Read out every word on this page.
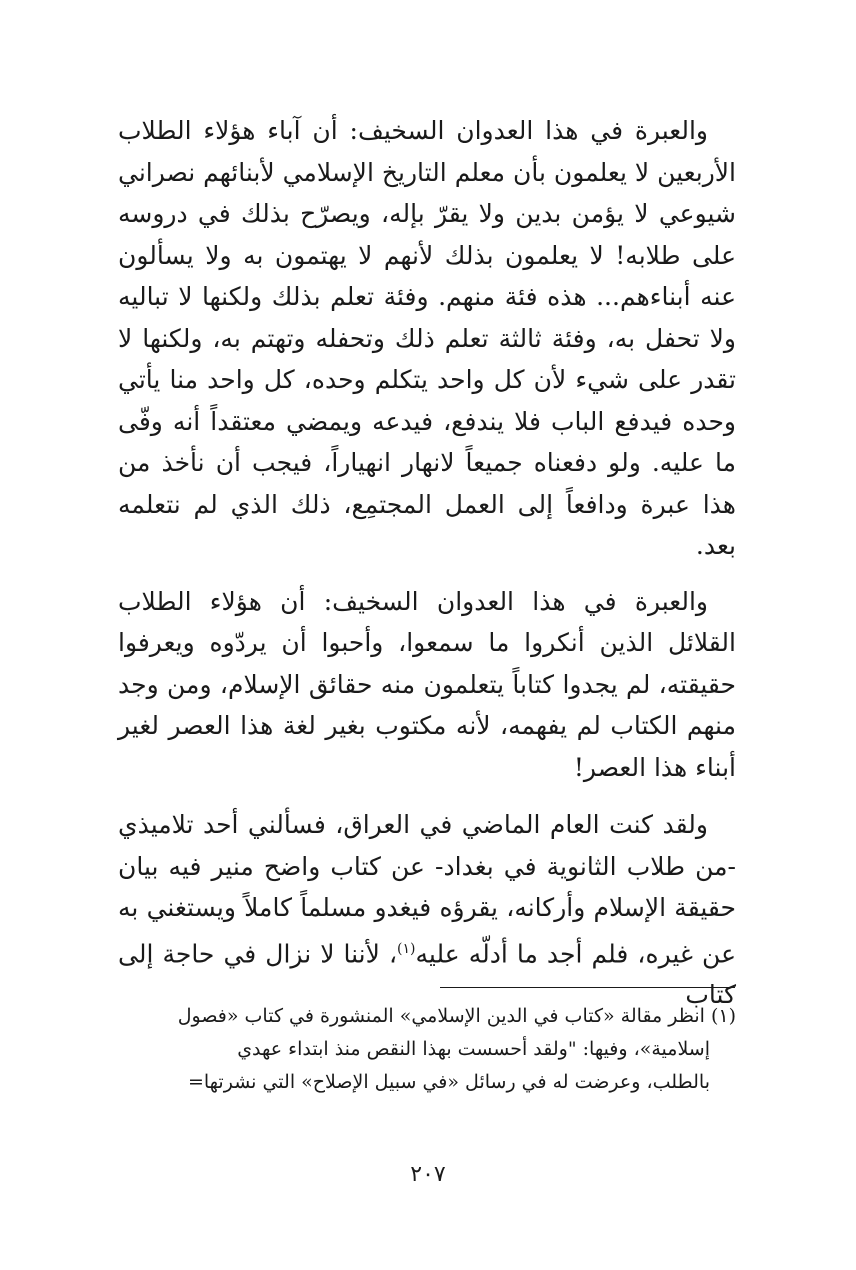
والعبرة في هذا العدوان السخيف: أن آباء هؤلاء الطلاب الأربعين لا يعلمون بأن معلم التاريخ الإسلامي لأبنائهم نصراني شيوعي لا يؤمن بدين ولا يقرّ بإله، ويصرّح بذلك في دروسه على طلابه! لا يعلمون بذلك لأنهم لا يهتمون به ولا يسألون عنه أبناءهم... هذه فئة منهم. وفئة تعلم بذلك ولكنها لا تباليه ولا تحفل به، وفئة ثالثة تعلم ذلك وتحفله وتهتم به، ولكنها لا تقدر على شيء لأن كل واحد يتكلم وحده، كل واحد منا يأتي وحده فيدفع الباب فلا يندفع، فيدعه ويمضي معتقداً أنه وفّى ما عليه. ولو دفعناه جميعاً لانهار انهياراً، فيجب أن نأخذ من هذا عبرة ودافعاً إلى العمل المجتمِع، ذلك الذي لم نتعلمه بعد.

والعبرة في هذا العدوان السخيف: أن هؤلاء الطلاب القلائل الذين أنكروا ما سمعوا، وأحبوا أن يردّوه ويعرفوا حقيقته، لم يجدوا كتاباً يتعلمون منه حقائق الإسلام، ومن وجد منهم الكتاب لم يفهمه، لأنه مكتوب بغير لغة هذا العصر لغير أبناء هذا العصر!

ولقد كنت العام الماضي في العراق، فسألني أحد تلاميذي -من طلاب الثانوية في بغداد- عن كتاب واضح منير فيه بيان حقيقة الإسلام وأركانه، يقرؤه فيغدو مسلماً كاملاً ويستغني به عن غيره، فلم أجد ما أدلّه عليه$^{(١)}$، لأننا لا نزال في حاجة إلى كتاب

(١) انظر مقالة «كتاب في الدين الإسلامي» المنشورة في كتاب «فصول
إسلامية»، وفيها: "ولقد أحسست بهذا النقص منذ ابتداء عهدي
بالطلب، وعرضت له في رسائل «في سبيل الإصلاح» التي نشرتها=
٢٠٧
